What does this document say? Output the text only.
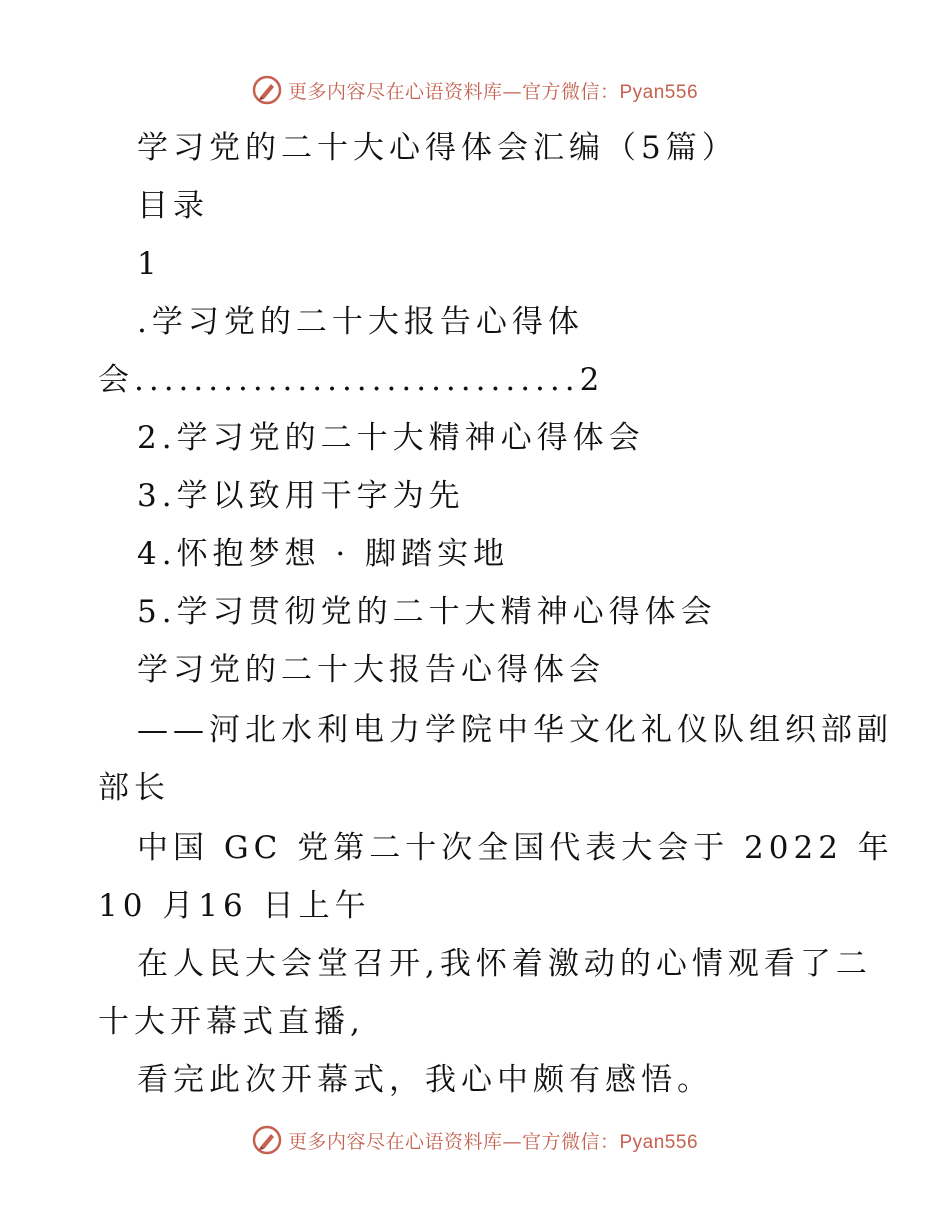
更多内容尽在心语资料库—官方微信：Pyan556
学习党的二十大心得体会汇编（5篇）
目录
1
.学习党的二十大报告心得体
会..............................2
2.学习党的二十大精神心得体会
3.学以致用干字为先
4.怀抱梦想 · 脚踏实地
5.学习贯彻党的二十大精神心得体会
学习党的二十大报告心得体会
——河北水利电力学院中华文化礼仪队组织部副
部长
中国 GC 党第二十次全国代表大会于 2022 年
10 月16 日上午
在人民大会堂召开,我怀着激动的心情观看了二
十大开幕式直播,
看完此次开幕式，我心中颇有感悟。
更多内容尽在心语资料库—官方微信：Pyan556
